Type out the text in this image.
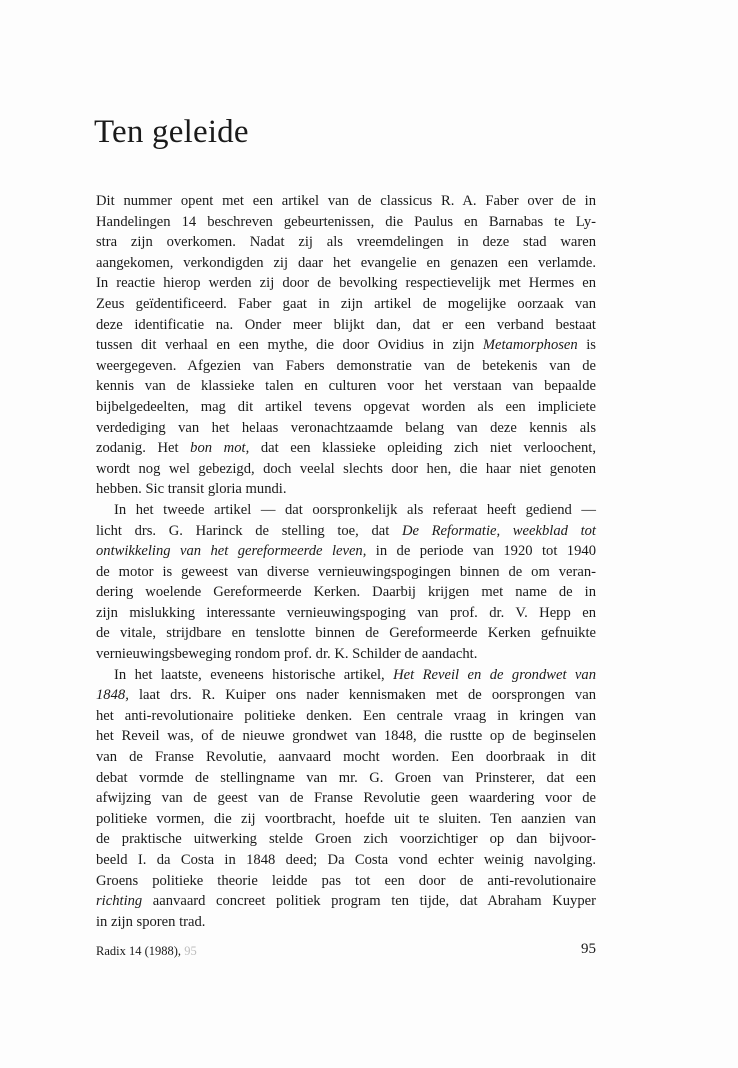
Ten geleide
Dit nummer opent met een artikel van de classicus R. A. Faber over de in
Handelingen 14 beschreven gebeurtenissen, die Paulus en Barnabas te Ly-
stra zijn overkomen. Nadat zij als vreemdelingen in deze stad waren
aangekomen, verkondigden zij daar het evangelie en genazen een verlamde.
In reactie hierop werden zij door de bevolking respectievelijk met Hermes en
Zeus geïdentificeerd. Faber gaat in zijn artikel de mogelijke oorzaak van
deze identificatie na. Onder meer blijkt dan, dat er een verband bestaat
tussen dit verhaal en een mythe, die door Ovidius in zijn Metamorphosen is
weergegeven. Afgezien van Fabers demonstratie van de betekenis van de
kennis van de klassieke talen en culturen voor het verstaan van bepaalde
bijbelgedeelten, mag dit artikel tevens opgevat worden als een impliciete
verdediging van het helaas veronachtzaamde belang van deze kennis als
zodanig. Het bon mot, dat een klassieke opleiding zich niet verloochent,
wordt nog wel gebezigd, doch veelal slechts door hen, die haar niet genoten
hebben. Sic transit gloria mundi.
In het tweede artikel — dat oorspronkelijk als referaat heeft gediend —
licht drs. G. Harinck de stelling toe, dat De Reformatie, weekblad tot
ontwikkeling van het gereformeerde leven, in de periode van 1920 tot 1940
de motor is geweest van diverse vernieuwingspogingen binnen de om veran-
dering woelende Gereformeerde Kerken. Daarbij krijgen met name de in
zijn mislukking interessante vernieuwingspoging van prof. dr. V. Hepp en
de vitale, strijdbare en tenslotte binnen de Gereformeerde Kerken gefnuikte
vernieuwingsbeweging rondom prof. dr. K. Schilder de aandacht.
In het laatste, eveneens historische artikel, Het Reveil en de grondwet van
1848, laat drs. R. Kuiper ons nader kennismaken met de oorsprongen van
het anti-revolutionaire politieke denken. Een centrale vraag in kringen van
het Reveil was, of de nieuwe grondwet van 1848, die rustte op de beginselen
van de Franse Revolutie, aanvaard mocht worden. Een doorbraak in dit
debat vormde de stellingname van mr. G. Groen van Prinsterer, dat een
afwijzing van de geest van de Franse Revolutie geen waardering voor de
politieke vormen, die zij voortbracht, hoefde uit te sluiten. Ten aanzien van
de praktische uitwerking stelde Groen zich voorzichtiger op dan bijvoor-
beeld I. da Costa in 1848 deed; Da Costa vond echter weinig navolging.
Groens politieke theorie leidde pas tot een door de anti-revolutionaire
richting aanvaard concreet politiek program ten tijde, dat Abraham Kuyper
in zijn sporen trad.
Radix 14 (1988), 95	95
